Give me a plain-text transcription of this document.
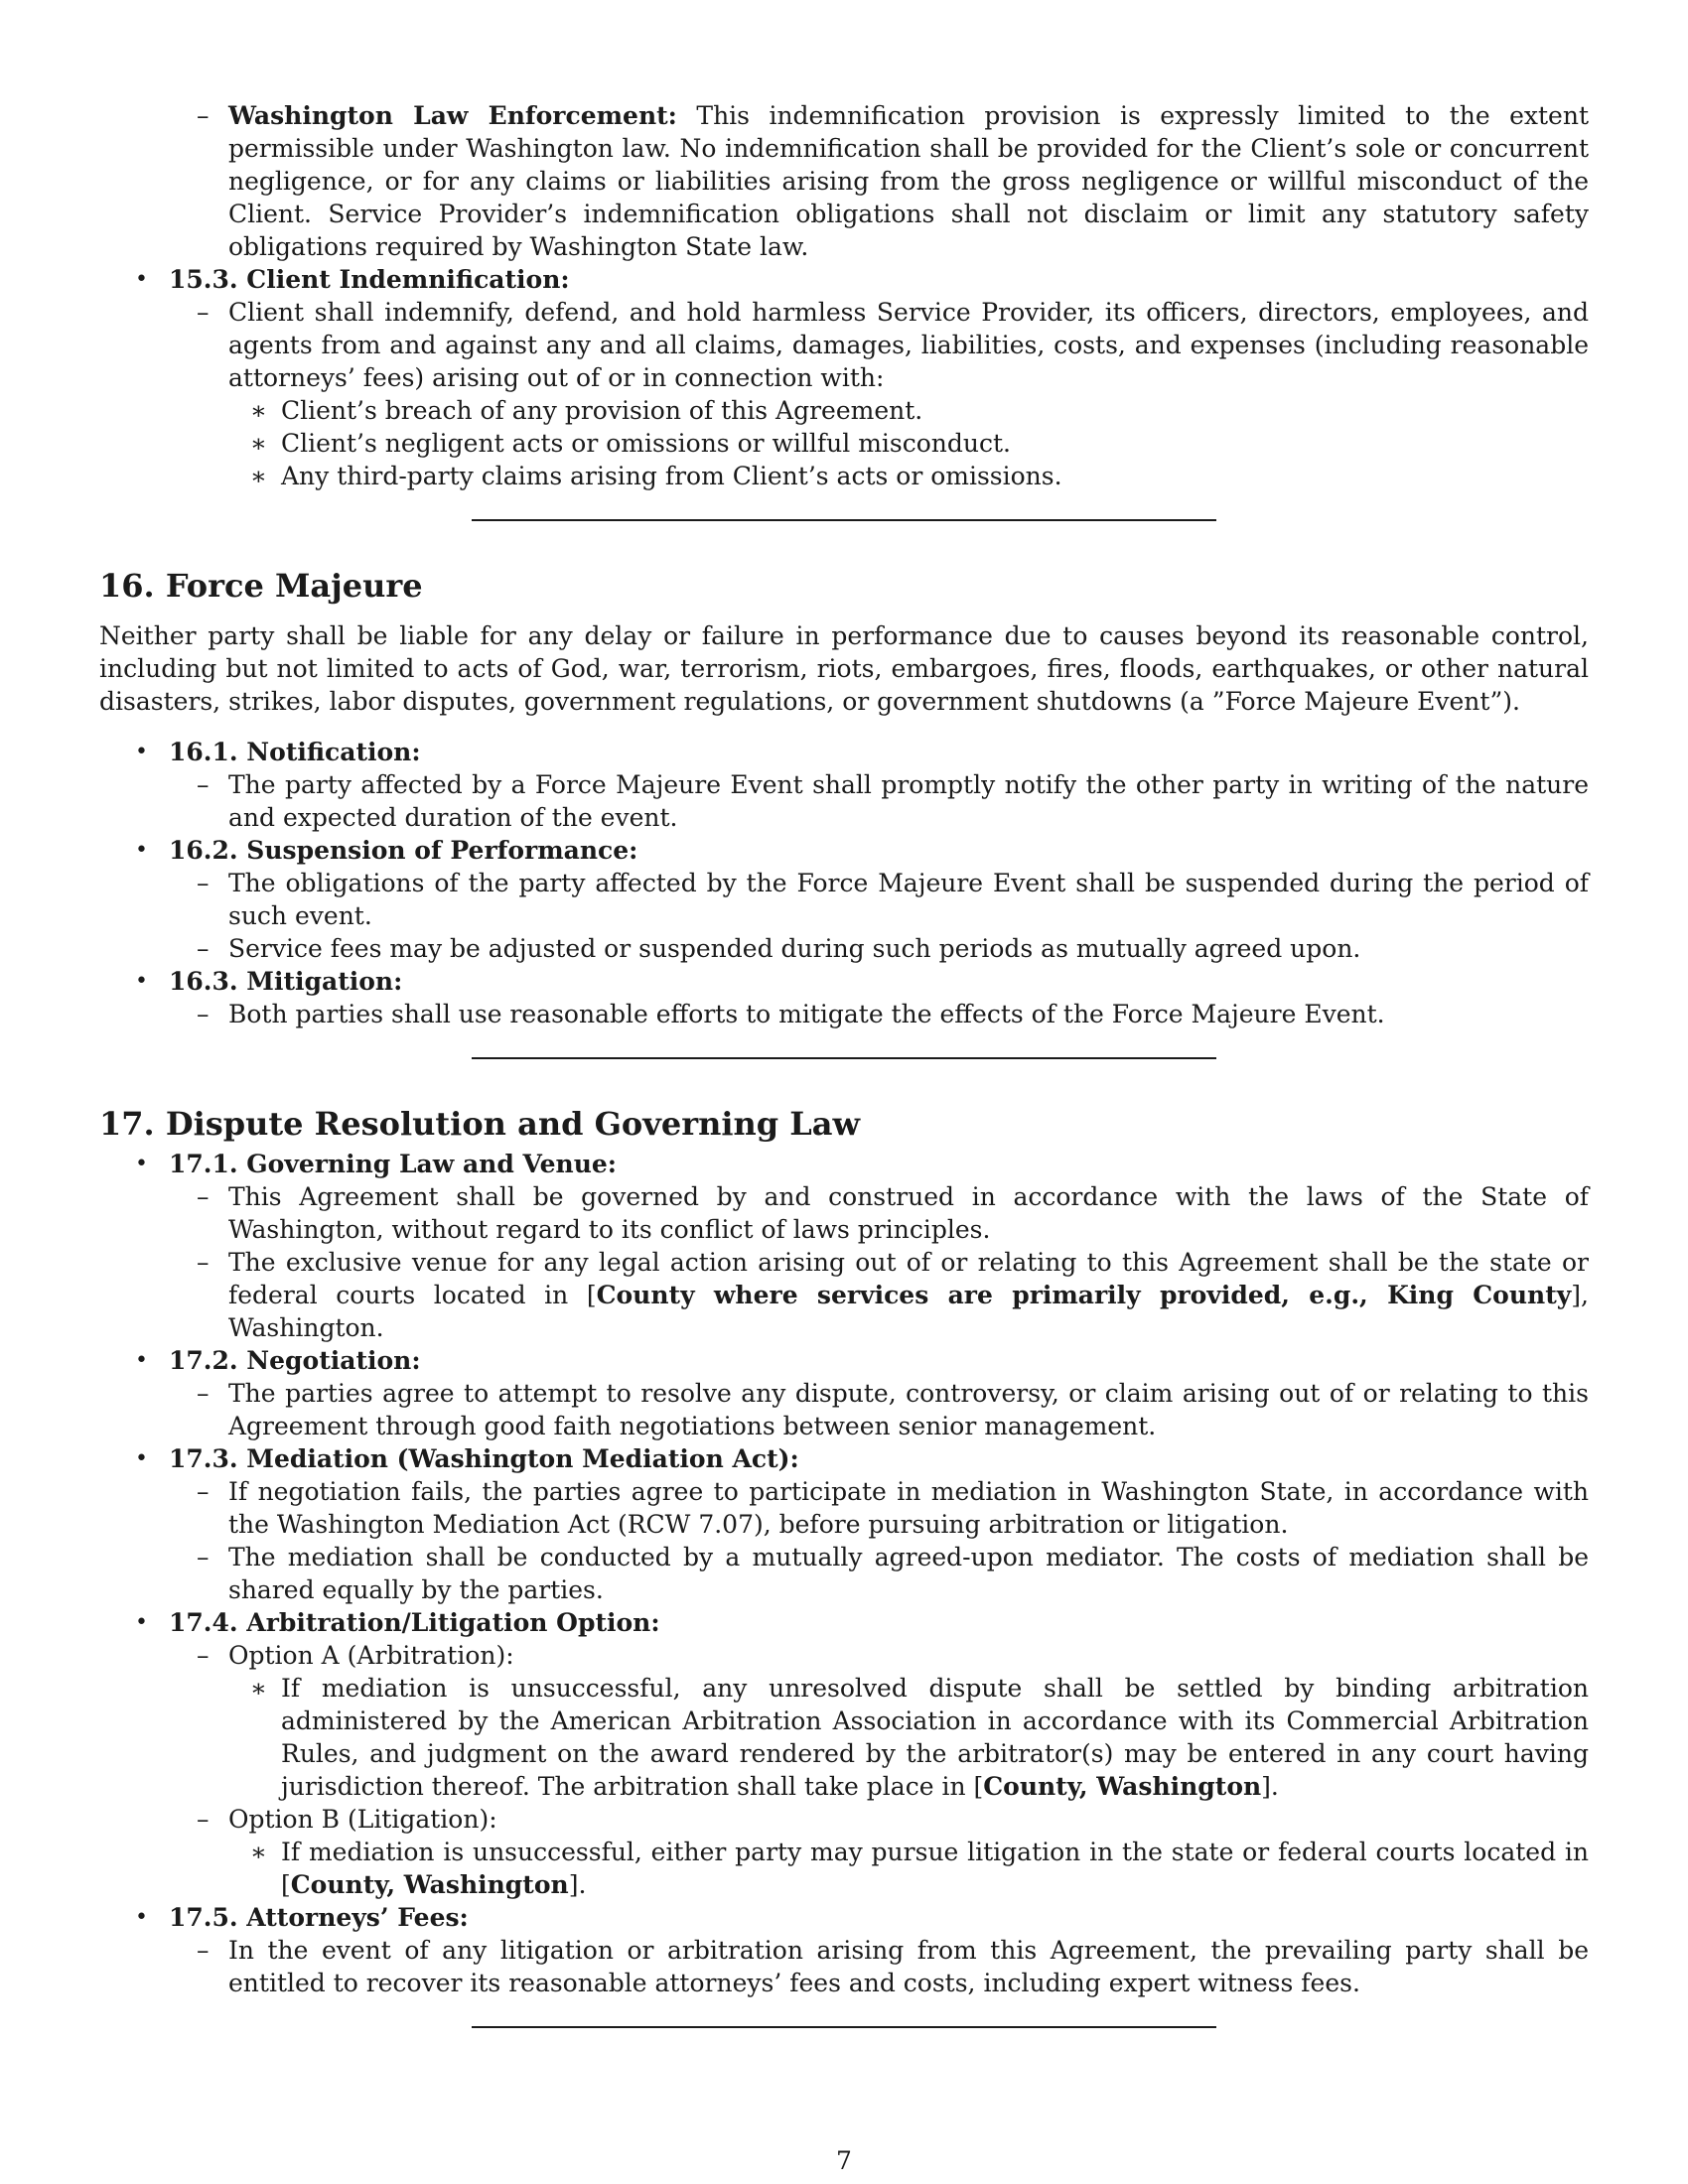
– Washington Law Enforcement: This indemnification provision is expressly limited to the extent permissible under Washington law. No indemnification shall be provided for the Client’s sole or concurrent negligence, or for any claims or liabilities arising from the gross negligence or willful misconduct of the Client. Service Provider’s indemnification obligations shall not disclaim or limit any statutory safety obligations required by Washington State law.
• 15.3. Client Indemnification:
– Client shall indemnify, defend, and hold harmless Service Provider, its officers, directors, employees, and agents from and against any and all claims, damages, liabilities, costs, and expenses (including reasonable attorneys’ fees) arising out of or in connection with:
∗ Client’s breach of any provision of this Agreement.
∗ Client’s negligent acts or omissions or willful misconduct.
∗ Any third-party claims arising from Client’s acts or omissions.
16. Force Majeure

Neither party shall be liable for any delay or failure in performance due to causes beyond its reasonable control, including but not limited to acts of God, war, terrorism, riots, embargoes, fires, floods, earthquakes, or other natural disasters, strikes, labor disputes, government regulations, or government shutdowns (a ”Force Majeure Event”).

• 16.1. Notification:
– The party affected by a Force Majeure Event shall promptly notify the other party in writing of the nature and expected duration of the event.
• 16.2. Suspension of Performance:
– The obligations of the party affected by the Force Majeure Event shall be suspended during the period of such event.
– Service fees may be adjusted or suspended during such periods as mutually agreed upon.
• 16.3. Mitigation:
– Both parties shall use reasonable efforts to mitigate the effects of the Force Majeure Event.
17. Dispute Resolution and Governing Law
• 17.1. Governing Law and Venue:
– This Agreement shall be governed by and construed in accordance with the laws of the State of Washington, without regard to its conflict of laws principles.
– The exclusive venue for any legal action arising out of or relating to this Agreement shall be the state or federal courts located in [County where services are primarily provided, e.g., King County], Washington.
• 17.2. Negotiation:
– The parties agree to attempt to resolve any dispute, controversy, or claim arising out of or relating to this Agreement through good faith negotiations between senior management.
• 17.3. Mediation (Washington Mediation Act):
– If negotiation fails, the parties agree to participate in mediation in Washington State, in accordance with the Washington Mediation Act (RCW 7.07), before pursuing arbitration or litigation.
– The mediation shall be conducted by a mutually agreed-upon mediator. The costs of mediation shall be shared equally by the parties.
• 17.4. Arbitration/Litigation Option:
– Option A (Arbitration):
∗ If mediation is unsuccessful, any unresolved dispute shall be settled by binding arbitration administered by the American Arbitration Association in accordance with its Commercial Arbitration Rules, and judgment on the award rendered by the arbitrator(s) may be entered in any court having jurisdiction thereof. The arbitration shall take place in [County, Washington].
– Option B (Litigation):
∗ If mediation is unsuccessful, either party may pursue litigation in the state or federal courts located in [County, Washington].
• 17.5. Attorneys’ Fees:
– In the event of any litigation or arbitration arising from this Agreement, the prevailing party shall be entitled to recover its reasonable attorneys’ fees and costs, including expert witness fees.
7
